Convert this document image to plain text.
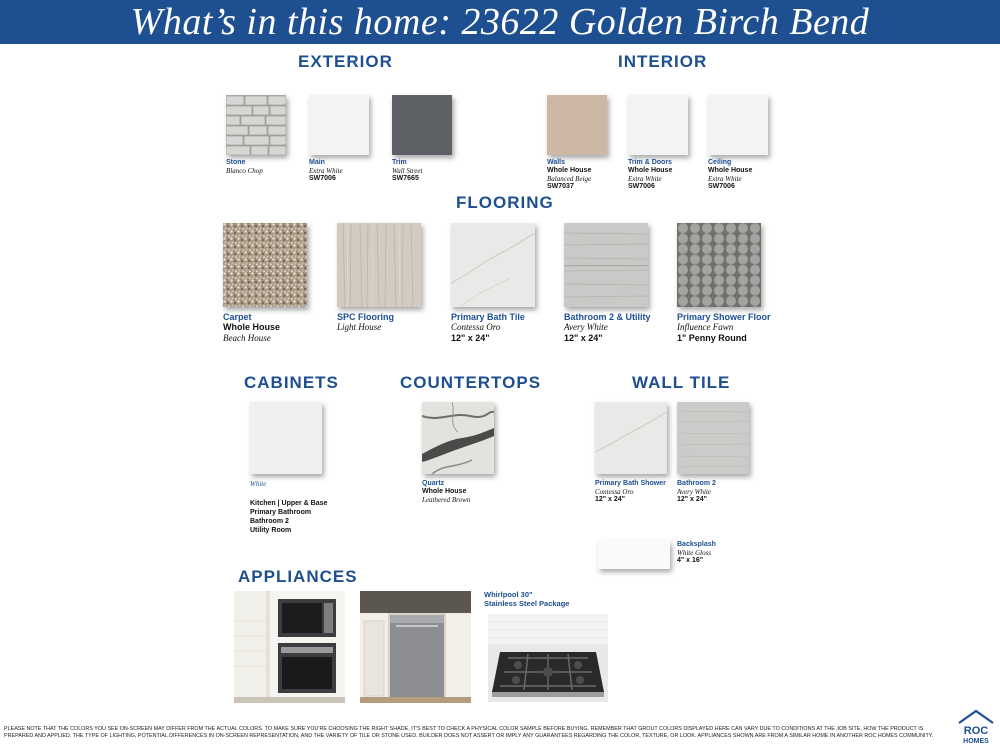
What’s in this home: 23622 Golden Birch Bend
EXTERIOR	INTERIOR
FLOORING
CABINETS	COUNTERTOPS	WALL TILE
APPLIANCES
Stone
Blanco Chop
Main
Extra White
SW7006
Trim
Wall Street
SW7665
Walls
Whole House
Balanced Beige
SW7037
Trim & Doors
Whole House
Extra White
SW7006
Ceiling
Whole House
Extra White
SW7006
Carpet
Whole House
Beach House
SPC Flooring
Light House
Primary Bath Tile
Contessa Oro
12" x 24"
Bathroom 2 & Utility
Avery White
12" x 24"
Primary Shower Floor
Influence Fawn
1" Penny Round
White
Kitchen | Upper & Base
Primary Bathroom
Bathroom 2
Utility Room
Quartz
Whole House
Leathered Brown
Primary Bath Shower
Contessa Oro
12" x 24"
Bathroom 2
Avery White
12" x 24"
Backsplash
White Gloss
4" x 16"
Whirlpool 30"
Stainless Steel Package
PLEASE NOTE THAT THE COLORS YOU SEE ON-SCREEN MAY DIFFER FROM THE ACTUAL COLORS. TO MAKE SURE YOU'RE CHOOSING THE RIGHT SHADE, IT'S BEST TO CHECK A PHYSICAL COLOR SAMPLE BEFORE BUYING. REMEMBER THAT GROUT COLORS DISPLAYED HERE CAN VARY DUE TO CONDITIONS AT THE JOB SITE, HOW THE PRODUCT IS PREPARED AND APPLIED, THE TYPE OF LIGHTING, POTENTIAL DIFFERENCES IN ON-SCREEN REPRESENTATION, AND THE VARIETY OF TILE OR STONE USED. BUILDER DOES NOT ASSERT OR IMPLY ANY GUARANTEES REGARDING THE COLOR, TEXTURE, OR LOOK. APPLIANCES SHOWN ARE FROM A SIMILAR HOME IN ANOTHER ROC HOMES COMMUNITY.	ROC
HOMES
